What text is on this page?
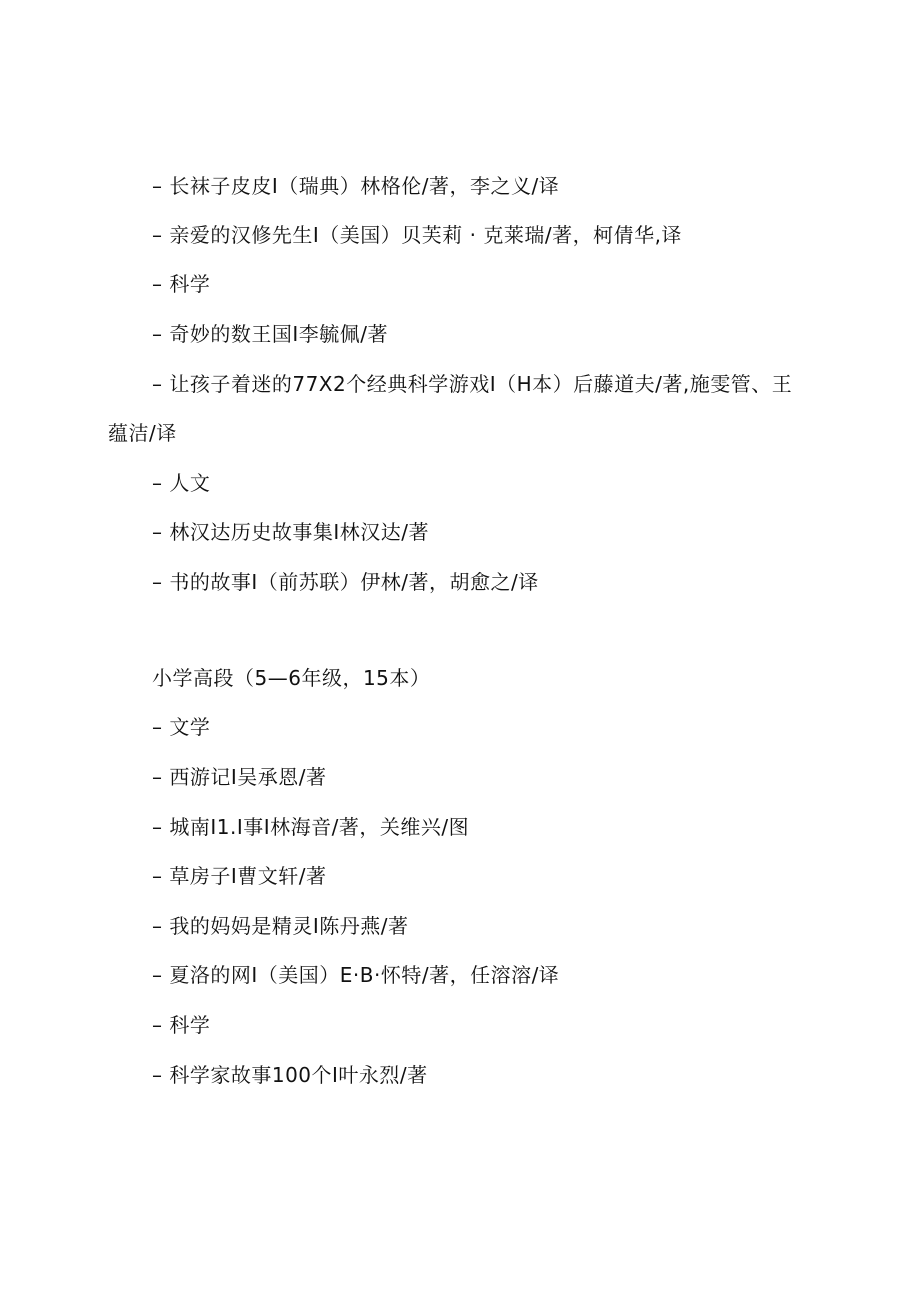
– 长袜子皮皮I（瑞典）林格伦/著，李之义/译
– 亲爱的汉修先生I（美国）贝芙莉 · 克莱瑞/著，柯倩华,译
– 科学
– 奇妙的数王国I李毓佩/著
– 让孩子着迷的77X2个经典科学游戏I（H本）后藤道夫/著,施雯管、王
蕴洁/译
– 人文
– 林汉达历史故事集I林汉达/著
– 书的故事I（前苏联）伊林/著，胡愈之/译
小学高段（5—6年级，15本）
– 文学
– 西游记I吴承恩/著
– 城南I1.I事I林海音/著，关维兴/图
– 草房子I曹文轩/著
– 我的妈妈是精灵I陈丹燕/著
– 夏洛的网I（美国）E·B·怀特/著，任溶溶/译
– 科学
– 科学家故事100个I叶永烈/著
